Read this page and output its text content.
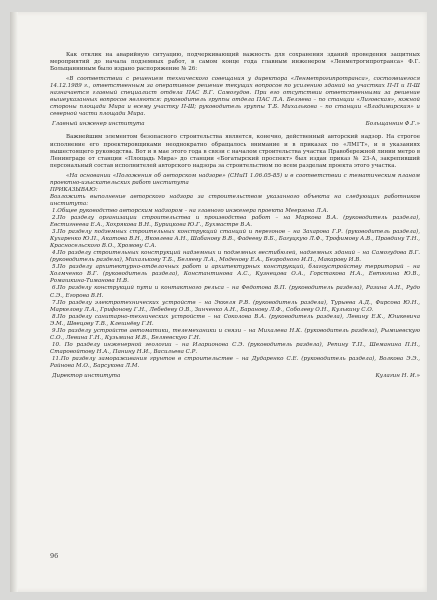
Как отклик на аварийную ситуацию, подчеркивающий важность для сохранения зданий проведения защитных мероприятий до начала подземных работ, в самом конце года главным инженером «Ленметрогипротранса» Ф.Г. Больщанниным было издано распоряжение № 26:

«В соответствии с решением технического совещания у директора «Ленметрогипротранса», состоявшегося 14.12.1989 г., ответственным за оперативное решение текущих вопросов по усилению зданий на участках П-П и П-Ш назначается главный специалист отдела ПАС В.Г. Самогудов. При его отсутствии ответственными за решение вышеуказанных вопросов являются: руководитель группы отдела ПАС Л.А. Беляева – по станции «Лиговская», южной стороны площади Мира и всему участку П-Ш; руководитель группы Т.Б. Михалькова – по станции «Владимирская» и северной части площади Мира.

Главный инженер института	Больщаннин Ф.Г.»

Важнейшим элементом безопасного строительства является, конечно, действенный авторский надзор. На строгое исполнение его проектировщиками неоднократно обращалось внимание и в приказах по «ЛМГТ», и в указаниях вышестоящего руководства. Вот и в мае этого года в связи с началом строительства участка Правобережной линии метро в Ленинграде от станции «Площадь Мира» до станции «Богатырский проспект» был издан приказ № 23-А, закрепивший персональный состав исполнителей авторского надзора за строительством по всем разделам проекта этого участка.

«На основании «Положения об авторском надзоре» (СНиП 1.06.05-85) и в соответствии с тематическим планом проектно-изыскательских работ института

ПРИКАЗЫВАЮ:

Возложить выполнение авторского надзора за строительством указанного объекта на следующих работников института:

1.Общее руководство авторским надзором – на главного инженера проекта Меерзона Л.А.

2.По разделу организации строительства и производства работ – на Маркова В.А. (руководитель раздела), Евстигнеева Е.А., Хохрякова В.Н., Бурицкова Ю.Г., Бухмастре В.А.

3.По разделу подземных строительных конструкций станций и перегонов – на Захарова Г.Р. (руководитель раздела), Кухаренко Ю.П., Акатова В.Н., Яковлева А.Н., Шабанову В.В., Фадееву В.Б., Багуцкую Л.Ф., Трофимову А.В., Правдину Т.Н., Красносельского В.О., Хромову С.А.

4.По разделу строительных конструкций надземных и подземных вестибюлей, надземных зданий – на Самогудова В.Г. (руководитель раздела), Михалькову Т.Б., Беляеву Л.А., Моденову Е.А., Безродного И.П., Макарову И.В.

5.По разделу архитектурно-отделочных работ и архитектурных конструкций, благоустройству территорий – на Холмченко В.Г. (руководитель раздела), Константинова А.С., Кузнецова О.А., Горстакова Н.А., Евтюгина Ю.В., Ромашкина-Тиманова Н.В.

6.По разделу конструкций пути и контактного рельса – на Федотова В.П. (руководитель раздела), Разина А.Н., Рудо С.Э., Егорова В.Н.

7.По разделу электротехнических устройств – на Эккеля Р.В. (руководитель раздела), Турыева А.Д., Фирсова Ю.Н., Маркелову Л.А., Грифонову Г.Н., Лебедеву О.В., Зинченко А.Н., Баранову Л.Ф., Соболеву О.Н., Кулькину С.О.

8.По разделу санитарно-технических устройств – на Соколова В.А. (руководитель раздела), Левину Е.К., Юшкевича Э.М., Швецову Т.В., Клешнёву Г.Н.

9.По разделу устройств автоматики, телемеханики и связи – на Михалева Н.К. (руководитель раздела), Рымшевскую С.О., Левина Г.Н., Кузьмина И.В., Беляевскую Г.Н.

10. По разделу инженерной геологии – на Иларионова С.Э. (руководитель раздела), Репину Т.П., Шеманина П.Н., Старовойтову Н.А., Панину Н.И., Васильева С.Р.

11.По разделу замораживания грунтов в строительстве – на Дударенко С.Е. (руководитель раздела), Волкова Э.Э., Райнова М.О., Барсукова Л.М.

Директор института	Кулагин Н. И.»
96
